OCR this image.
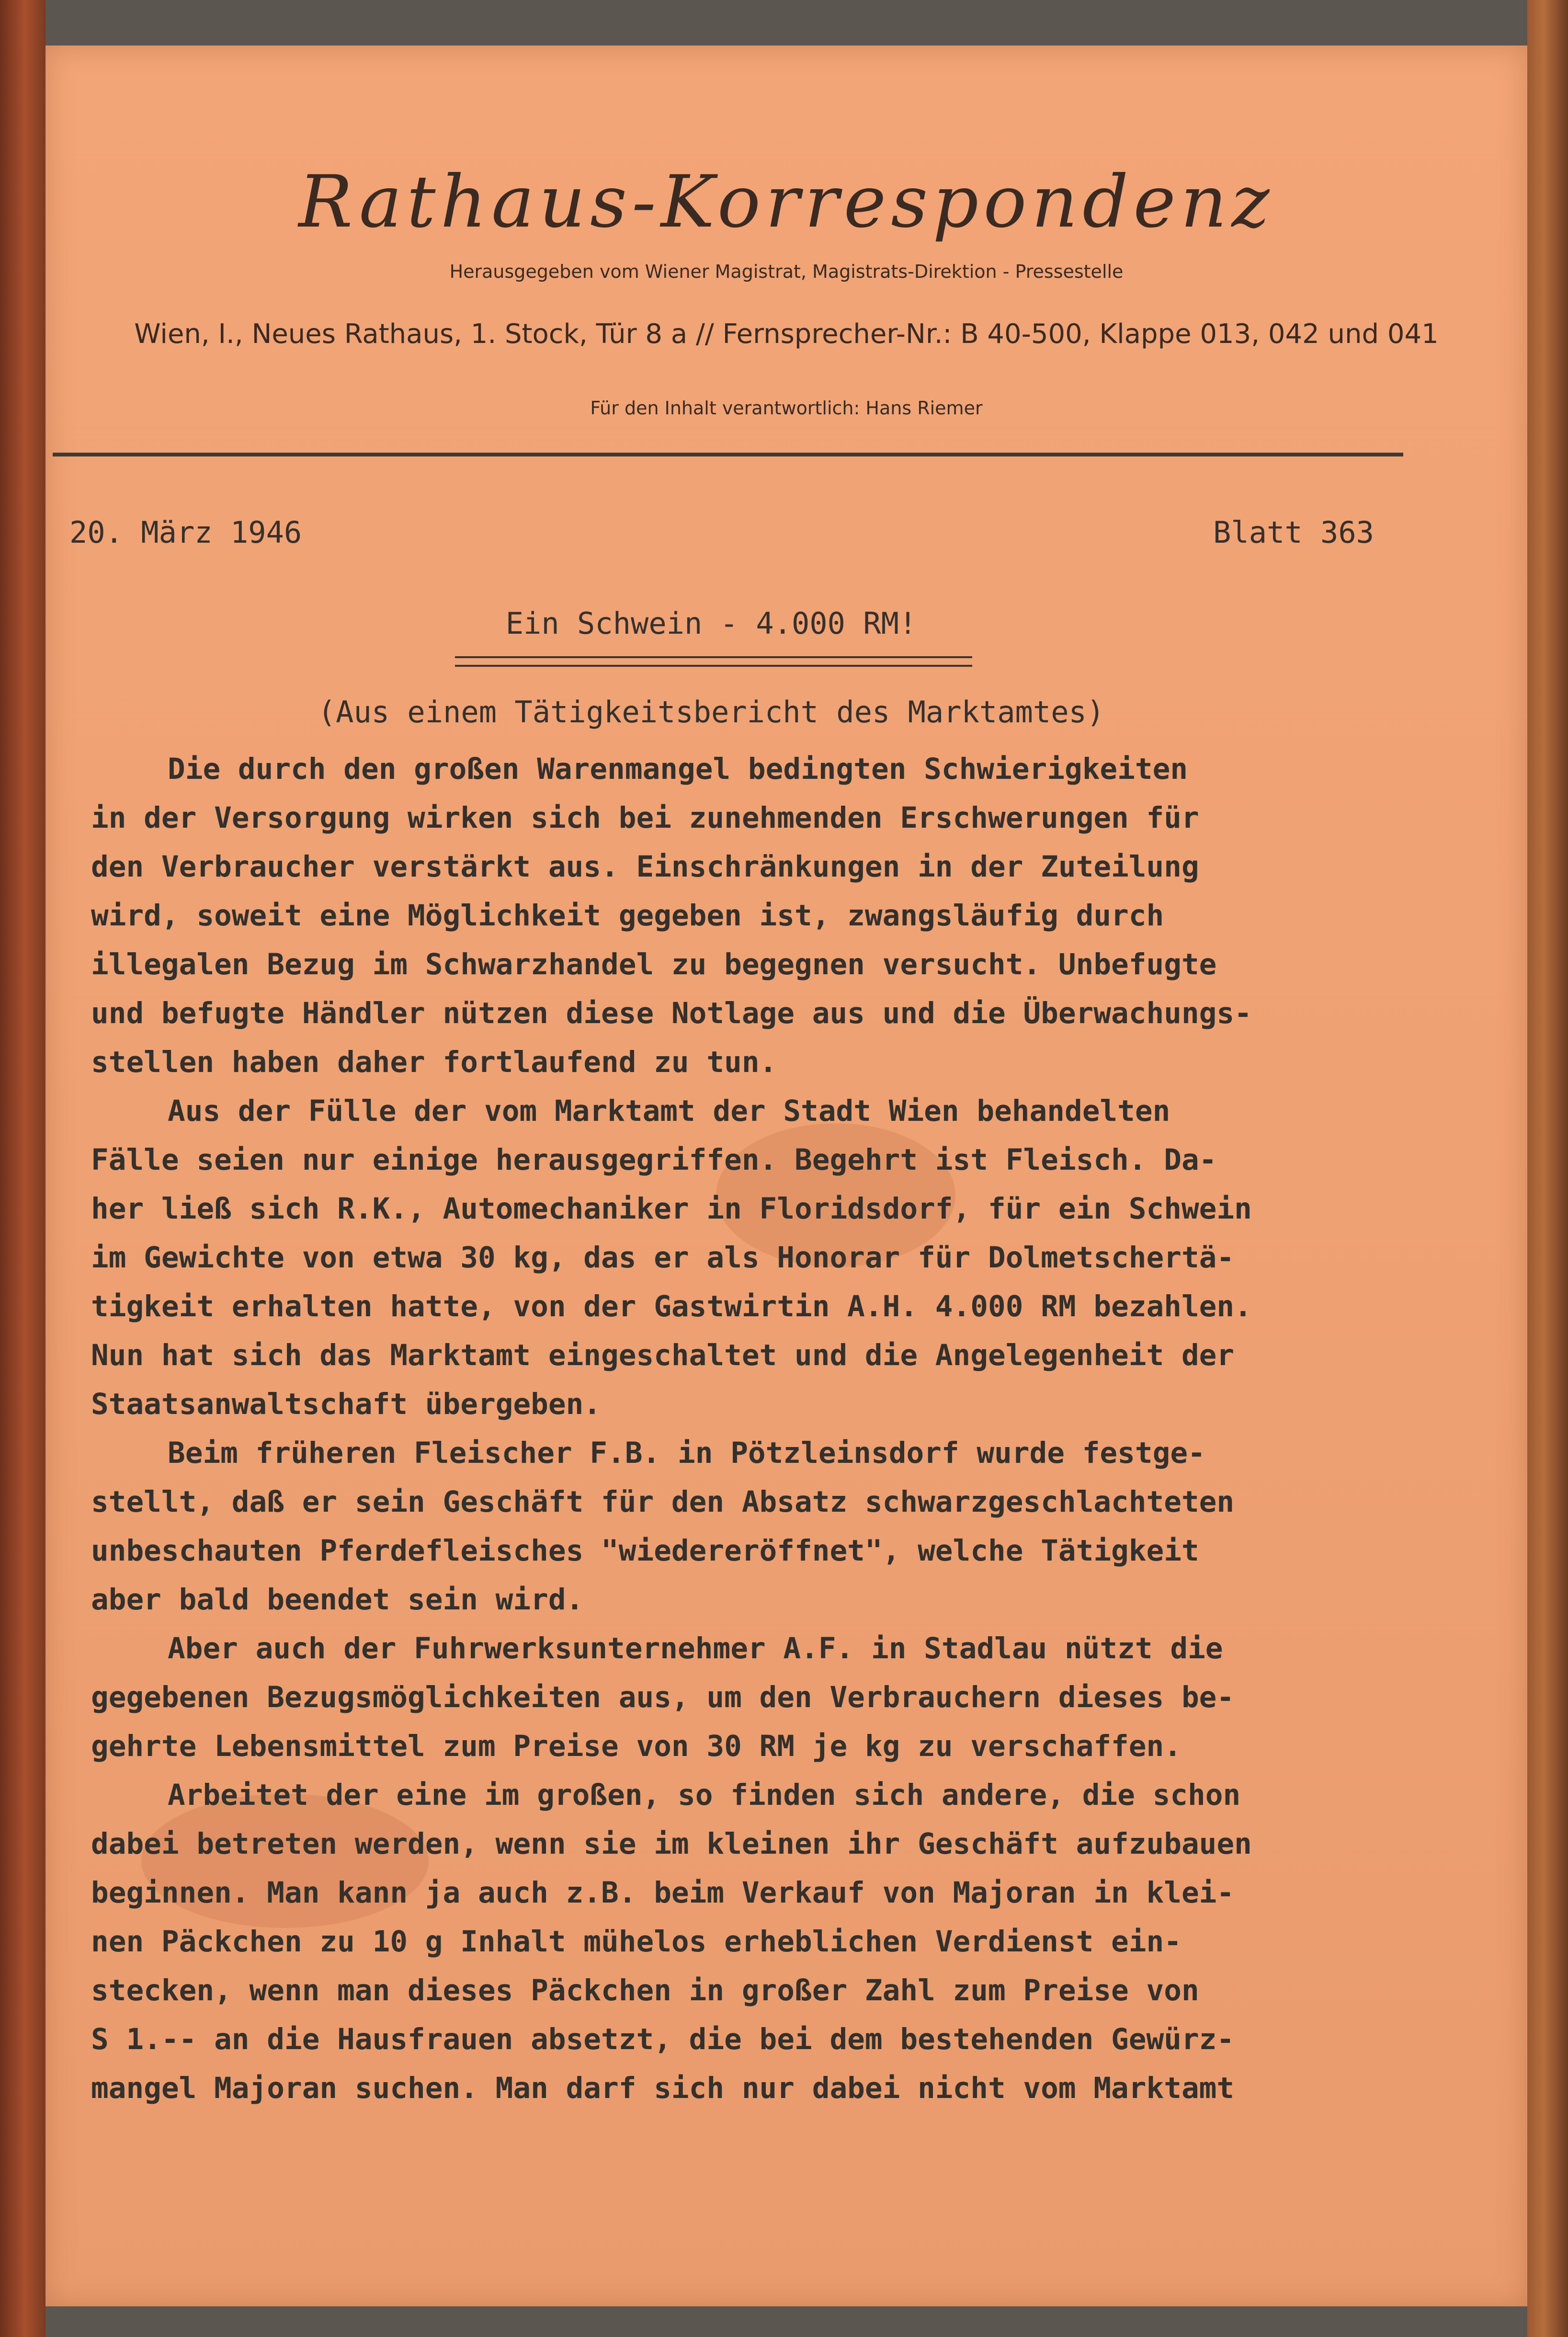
Rathaus-Korrespondenz
Herausgegeben vom Wiener Magistrat, Magistrats-Direktion - Pressestelle
Wien, I., Neues Rathaus, 1. Stock, Tür 8 a // Fernsprecher-Nr.: B 40-500, Klappe 013, 042 und 041
Für den Inhalt verantwortlich: Hans Riemer
20. März 1946	Blatt 363
Ein Schwein - 4.000 RM!
(Aus einem Tätigkeitsbericht des Marktamtes)

Die durch den großen Warenmangel bedingten Schwierigkeiten

in der Versorgung wirken sich bei zunehmenden Erschwerungen für

den Verbraucher verstärkt aus. Einschränkungen in der Zuteilung

wird, soweit eine Möglichkeit gegeben ist, zwangsläufig durch

illegalen Bezug im Schwarzhandel zu begegnen versucht. Unbefugte

und befugte Händler nützen diese Notlage aus und die Überwachungs-

stellen haben daher fortlaufend zu tun.

Aus der Fülle der vom Marktamt der Stadt Wien behandelten

Fälle seien nur einige herausgegriffen. Begehrt ist Fleisch. Da-

her ließ sich R.K., Automechaniker in Floridsdorf, für ein Schwein

im Gewichte von etwa 30 kg, das er als Honorar für Dolmetschertä-

tigkeit erhalten hatte, von der Gastwirtin A.H. 4.000 RM bezahlen.

Nun hat sich das Marktamt eingeschaltet und die Angelegenheit der

Staatsanwaltschaft übergeben.

Beim früheren Fleischer F.B. in Pötzleinsdorf wurde festge-

stellt, daß er sein Geschäft für den Absatz schwarzgeschlachteten

unbeschauten Pferdefleisches "wiedereröffnet", welche Tätigkeit

aber bald beendet sein wird.

Aber auch der Fuhrwerksunternehmer A.F. in Stadlau nützt die

gegebenen Bezugsmöglichkeiten aus, um den Verbrauchern dieses be-

gehrte Lebensmittel zum Preise von 30 RM je kg zu verschaffen.

Arbeitet der eine im großen, so finden sich andere, die schon

dabei betreten werden, wenn sie im kleinen ihr Geschäft aufzubauen

beginnen. Man kann ja auch z.B. beim Verkauf von Majoran in klei-

nen Päckchen zu 10 g Inhalt mühelos erheblichen Verdienst ein-

stecken, wenn man dieses Päckchen in großer Zahl zum Preise von

S 1.-- an die Hausfrauen absetzt, die bei dem bestehenden Gewürz-

mangel Majoran suchen. Man darf sich nur dabei nicht vom Marktamt
